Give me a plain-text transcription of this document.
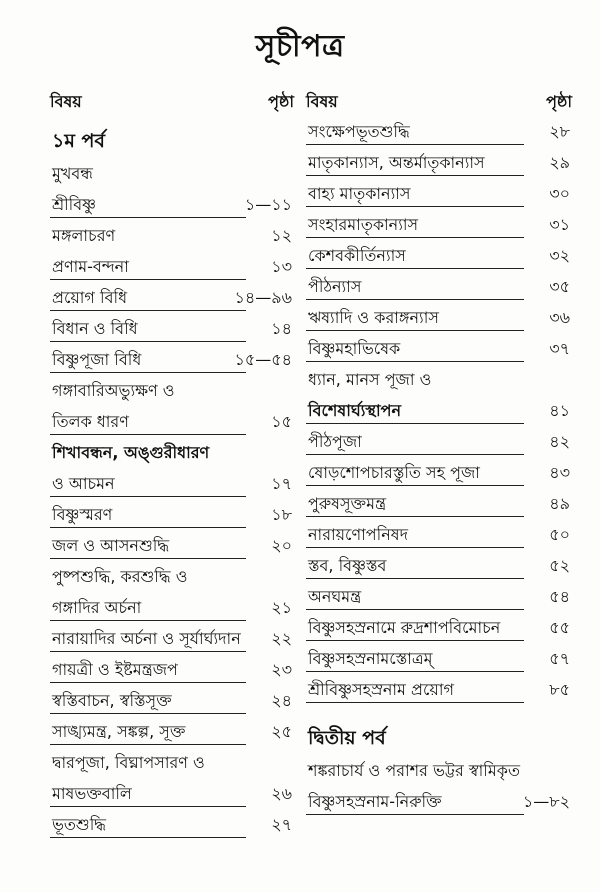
সূচীপত্র
বিষয়	পৃষ্ঠা
১ম পর্ব
মুখবন্ধ
শ্রীবিষ্ণু	১—১১
মঙ্গলাচরণ	১২
প্রণাম-বন্দনা	১৩
প্রয়োগ বিধি	১৪—৯৬
বিধান ও বিধি	১৪
বিষ্ণুপূজা বিধি	১৫—৫৪
গঙ্গাবারিঅভ্যুক্ষণ ও
তিলক ধারণ	১৫
শিখাবন্ধন, অঙ্গুরীধারণ
ও আচমন	১৭
বিষ্ণুস্মরণ	১৮
জল ও আসনশুদ্ধি	২০
পুষ্পশুদ্ধি, করশুদ্ধি ও
গঙ্গাদির অর্চনা	২১
নারায়াদির অর্চনা ও সূর্যার্ঘ্যদান ২২
গায়ত্রী ও ইষ্টমন্ত্রজপ	২৩
স্বস্তিবাচন, স্বস্তিসূক্ত	২৪
সাঙ্খ্যমন্ত্র, সঙ্কল্প, সূক্ত	২৫
দ্বারপূজা, বিঘ্নাপসারণ ও
মাষভক্তবালি	২৬
ভূতশুদ্ধি	২৭
বিষয়	পৃষ্ঠা
সংক্ষেপভূতশুদ্ধি	২৮
মাতৃকান্যাস, অন্তর্মাতৃকান্যাস	২৯
বাহ্য মাতৃকান্যাস	৩০
সংহারমাতৃকান্যাস	৩১
কেশবকীর্তিন্যাস	৩২
পীঠন্যাস	৩৫
ঋষ্যাদি ও করাঙ্গন্যাস	৩৬
বিষ্ণুমহাভিষেক	৩৭
ধ্যান, মানস পূজা ও
বিশেষার্ঘ্যস্থাপন	৪১
পীঠপূজা	৪২
ষোড়শোপচারস্তুতি সহ পূজা	৪৩
পুরুষসূক্তমন্ত্র	৪৯
নারায়ণোপনিষদ	৫০
স্তব, বিষ্ণুস্তব	৫২
অনঘমন্ত্র	৫৪
বিষ্ণুসহস্রনামে রুদ্রশাপবিমোচন	৫৫
বিষ্ণুসহস্রনামস্তোত্রম্	৫৭
শ্রীবিষ্ণুসহস্রনাম প্রয়োগ	৮৫
দ্বিতীয় পর্ব
শঙ্করাচার্য ও পরাশর ভট্টর স্বামিকৃত
বিষ্ণুসহস্রনাম-নিরুক্তি	১—৮২
